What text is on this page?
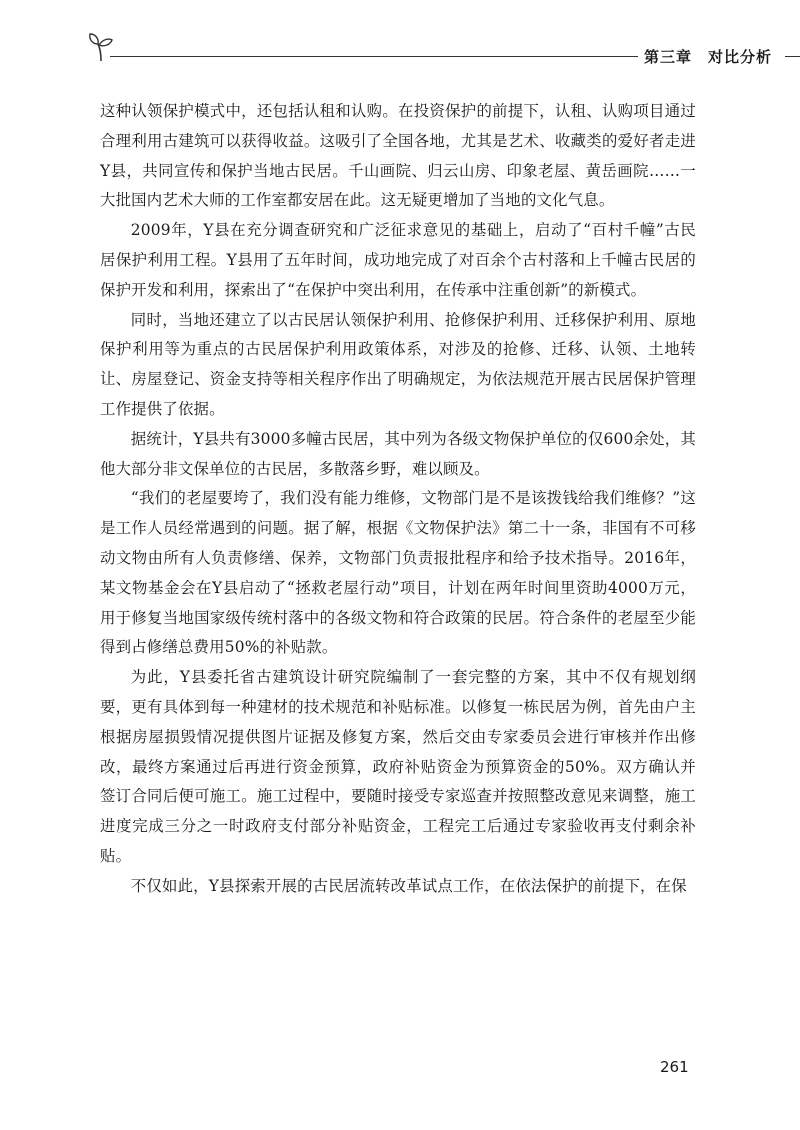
第三章　对比分析

这种认领保护模式中，还包括认租和认购。在投资保护的前提下，认租、认购项目通过合理利用古建筑可以获得收益。这吸引了全国各地，尤其是艺术、收藏类的爱好者走进Y县，共同宣传和保护当地古民居。千山画院、归云山房、印象老屋、黄岳画院……一大批国内艺术大师的工作室都安居在此。这无疑更增加了当地的文化气息。

2009年，Y县在充分调查研究和广泛征求意见的基础上，启动了“百村千幢”古民居保护利用工程。Y县用了五年时间，成功地完成了对百余个古村落和上千幢古民居的保护开发和利用，探索出了“在保护中突出利用，在传承中注重创新”的新模式。

同时，当地还建立了以古民居认领保护利用、抢修保护利用、迁移保护利用、原地保护利用等为重点的古民居保护利用政策体系，对涉及的抢修、迁移、认领、土地转让、房屋登记、资金支持等相关程序作出了明确规定，为依法规范开展古民居保护管理工作提供了依据。

据统计，Y县共有3000多幢古民居，其中列为各级文物保护单位的仅600余处，其他大部分非文保单位的古民居，多散落乡野，难以顾及。

“我们的老屋要垮了，我们没有能力维修，文物部门是不是该拨钱给我们维修？”这是工作人员经常遇到的问题。据了解，根据《文物保护法》第二十一条，非国有不可移动文物由所有人负责修缮、保养，文物部门负责报批程序和给予技术指导。2016年，某文物基金会在Y县启动了“拯救老屋行动”项目，计划在两年时间里资助4000万元，用于修复当地国家级传统村落中的各级文物和符合政策的民居。符合条件的老屋至少能得到占修缮总费用50%的补贴款。

为此，Y县委托省古建筑设计研究院编制了一套完整的方案，其中不仅有规划纲要，更有具体到每一种建材的技术规范和补贴标准。以修复一栋民居为例，首先由户主根据房屋损毁情况提供图片证据及修复方案，然后交由专家委员会进行审核并作出修改，最终方案通过后再进行资金预算，政府补贴资金为预算资金的50%。双方确认并签订合同后便可施工。施工过程中，要随时接受专家巡查并按照整改意见来调整，施工进度完成三分之一时政府支付部分补贴资金，工程完工后通过专家验收再支付剩余补贴。

不仅如此，Y县探索开展的古民居流转改革试点工作，在依法保护的前提下，在保

261
